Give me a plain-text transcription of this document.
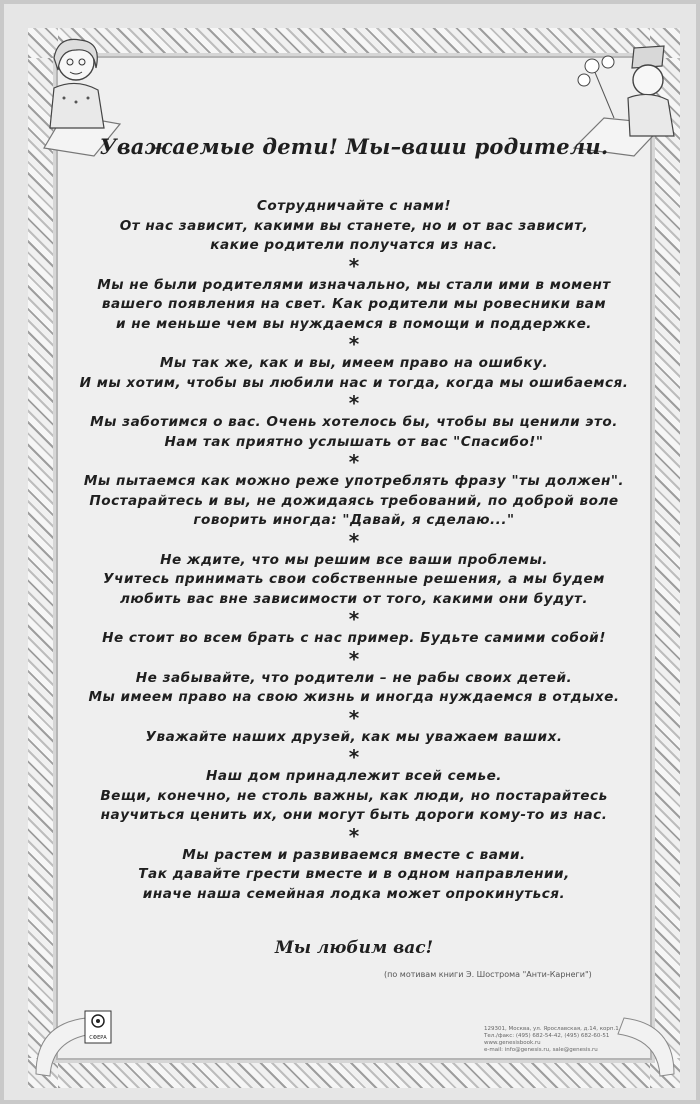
Уважаемые дети! Мы–ваши родители.
Сотрудничайте с нами!
От нас зависит, какими вы станете, но и от вас зависит,
какие родители получатся из нас.
*
Мы не были родителями изначально, мы стали ими в момент
вашего появления на свет. Как родители мы ровесники вам
и не меньше чем вы нуждаемся в помощи и поддержке.
*
Мы так же, как и вы, имеем право на ошибку.
И мы хотим, чтобы вы любили нас и тогда, когда мы ошибаемся.
*
Мы заботимся о вас. Очень хотелось бы, чтобы вы ценили это.
Нам так приятно услышать от вас "Спасибо!"
*
Мы пытаемся как можно реже употреблять фразу "ты должен".
Постарайтесь и вы, не дожидаясь требований, по доброй воле
говорить иногда: "Давай, я сделаю..."
*
Не ждите, что мы решим все ваши проблемы.
Учитесь принимать свои собственные решения, а мы будем
любить вас вне зависимости от того, какими они будут.
*
Не стоит во всем брать с нас пример. Будьте самими собой!
*
Не забывайте, что родители – не рабы своих детей.
Мы имеем право на свою жизнь и иногда нуждаемся в отдыхе.
*
Уважайте наших друзей, как мы уважаем ваших.
*
Наш дом принадлежит всей семье.
Вещи, конечно, не столь важны, как люди, но постарайтесь
научиться ценить их, они могут быть дороги кому-то из нас.
*
Мы растем и развиваемся вместе с вами.
Так давайте грести вместе и в одном направлении,
иначе наша семейная лодка может опрокинуться.
Мы любим вас!
(по мотивам книги Э. Шострома "Анти-Карнеги")
СФЕРА
129301, Москва, ул. Ярославская, д.14, корп.1
Тел./факс: (495) 682-54-42, (495) 682-60-51
www.genesisbook.ru
e-mail: info@genesis.ru, sale@genesis.ru
